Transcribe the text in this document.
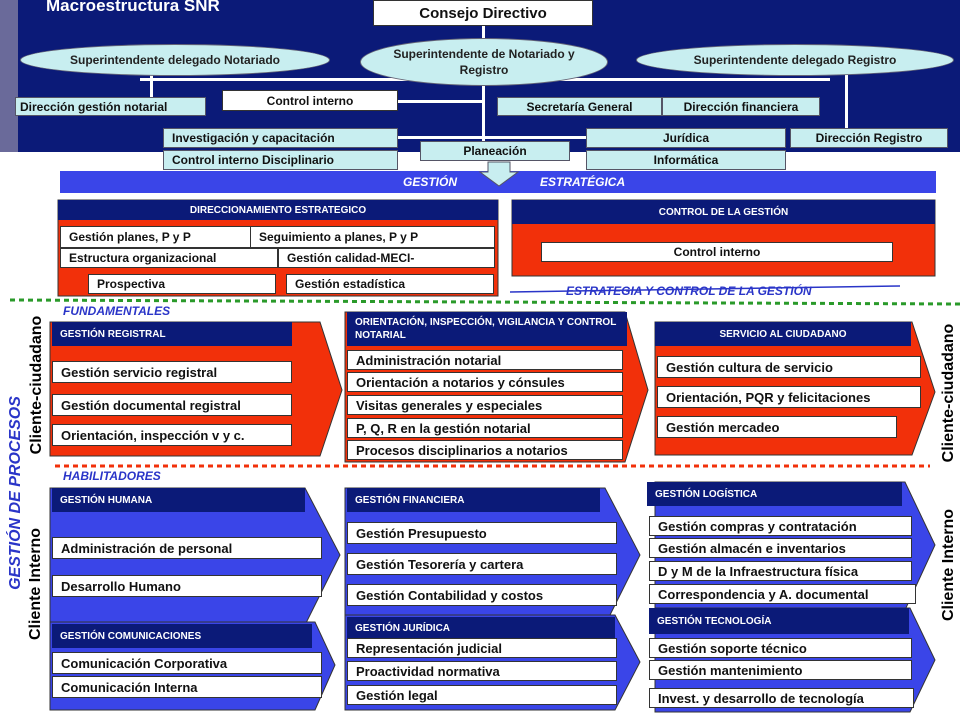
Macroestructura SNR	Consejo Directivo
Superintendente de Notariado y Registro
Superintendente delegado Notariado	Superintendente delegado Registro
Dirección gestión notarial	Control interno	Secretaría General	Dirección financiera
Investigación y capacitación
Control interno Disciplinario
Planeación
Jurídica
Informática
Dirección Registro
GESTIÓN	ESTRATÉGICA
DIRECCIONAMIENTO ESTRATEGICO
Gestión planes, P y P	Seguimiento a planes, P y P
Estructura organizacional	Gestión calidad-MECI-
Prospectiva	Gestión estadística
CONTROL DE LA GESTIÓN
Control interno
ESTRATEGIA Y CONTROL DE LA GESTIÓN
FUNDAMENTALES
HABILITADORES
GESTIÓN DE PROCESOS
Cliente-ciudadano
Cliente Interno
Cliente-ciudadano
Cliente Interno
GESTIÓN REGISTRAL
Gestión servicio registral
Gestión documental registral
Orientación, inspección v y c.
ORIENTACIÓN, INSPECCIÓN, VIGILANCIA Y CONTROL NOTARIAL
Administración notarial
Orientación a notarios y cónsules
Visitas generales y especiales
P, Q, R en la gestión notarial
Procesos disciplinarios a notarios
SERVICIO AL CIUDADANO
Gestión cultura de servicio
Orientación, PQR y felicitaciones
Gestión mercadeo
GESTIÓN HUMANA
Administración de personal
Desarrollo Humano
GESTIÓN FINANCIERA
Gestión Presupuesto
Gestión Tesorería y cartera
Gestión Contabilidad y costos
GESTIÓN LOGÍSTICA
Gestión compras y contratación
Gestión almacén e inventarios
D y M de la Infraestructura física
Correspondencia y A. documental
GESTIÓN COMUNICACIONES
Comunicación Corporativa
Comunicación Interna
GESTIÓN JURÍDICA
Representación judicial
Proactividad normativa
Gestión legal
GESTIÓN TECNOLOGÍA
Gestión soporte técnico
Gestión mantenimiento
Invest. y desarrollo de tecnología
